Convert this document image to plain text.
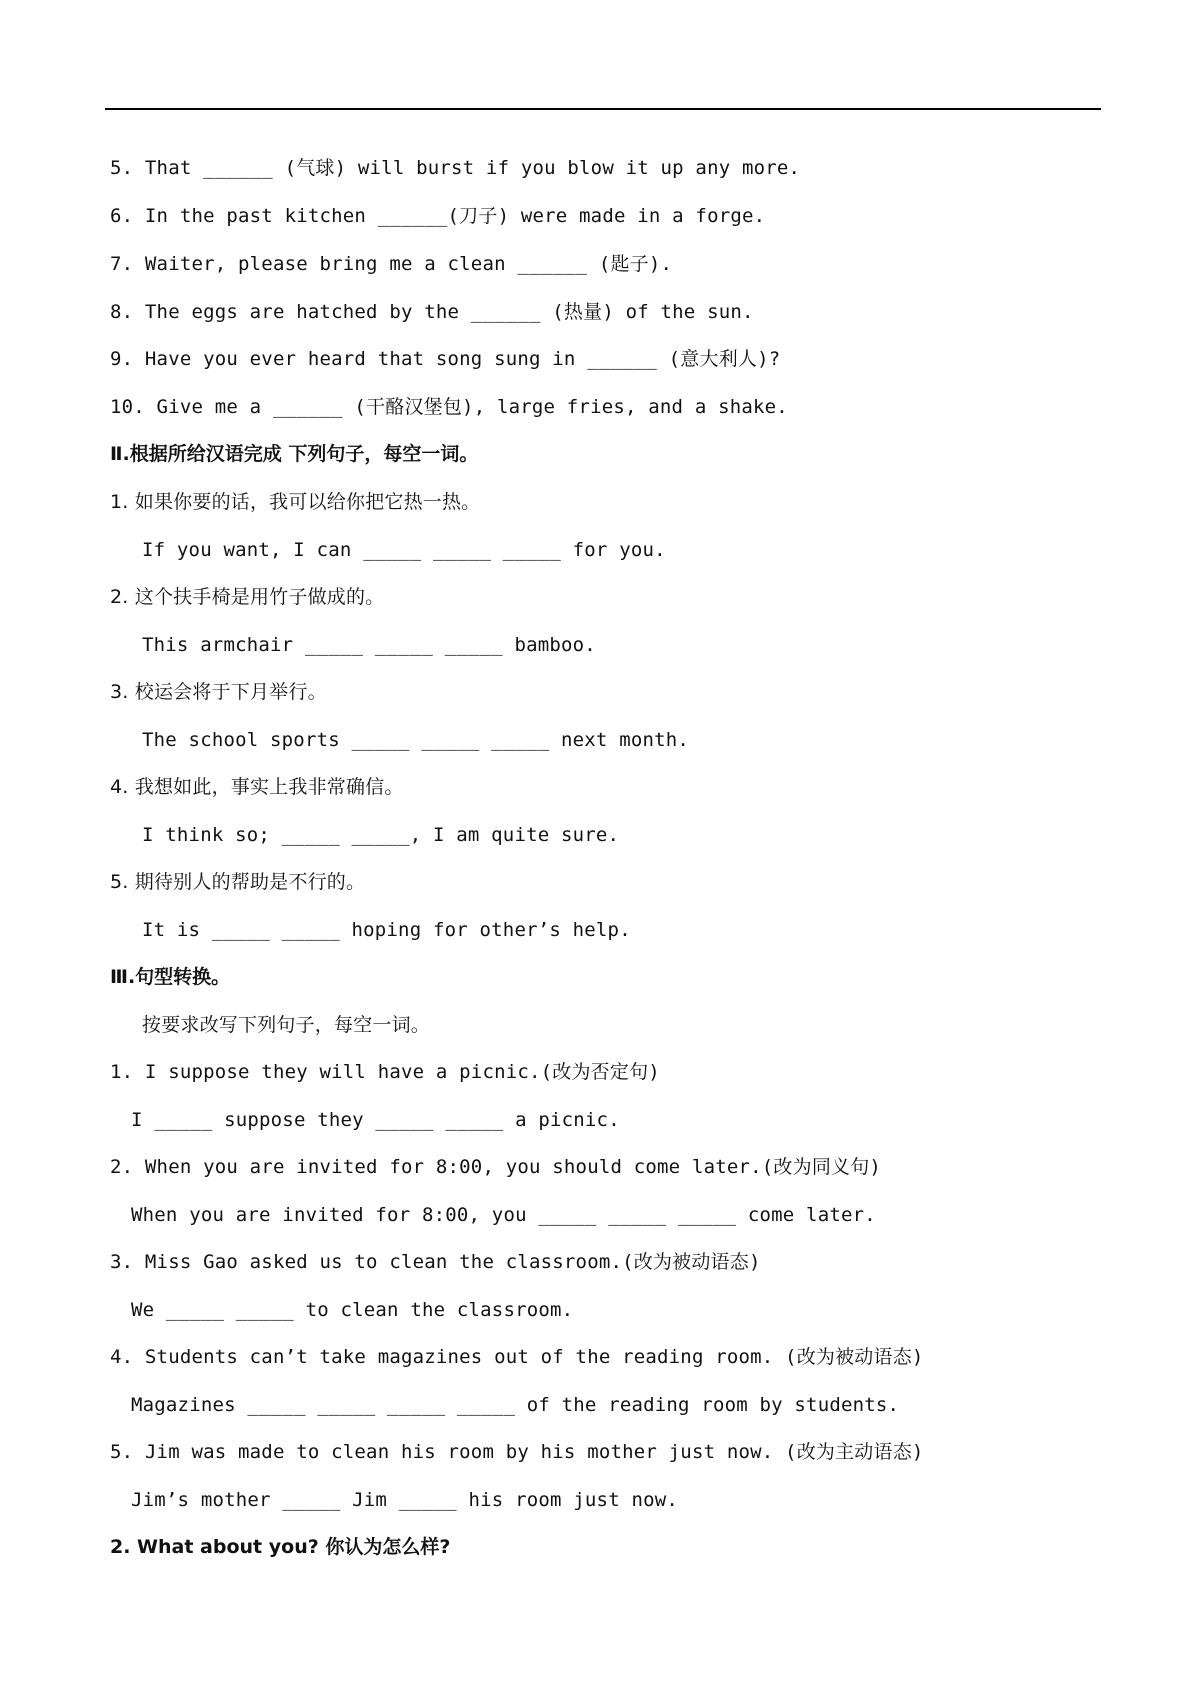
5. That ______ (气球) will burst if you blow it up any more.
6. In the past kitchen ______(刀子) were made in a forge.
7. Waiter, please bring me a clean ______ (匙子).
8. The eggs are hatched by the ______ (热量) of the sun.
9. Have you ever heard that song sung in ______ (意大利人)?
10. Give me a ______ (干酪汉堡包), large fries, and a shake.
Ⅱ.根据所给汉语完成 下列句子，每空一词。
1. 如果你要的话，我可以给你把它热一热。
If you want, I can _____ _____ _____ for you.
2. 这个扶手椅是用竹子做成的。
This armchair _____ _____ _____ bamboo.
3. 校运会将于下月举行。
The school sports _____ _____ _____ next month.
4. 我想如此，事实上我非常确信。
I think so; _____ _____, I am quite sure.
5. 期待别人的帮助是不行的。
It is _____ _____ hoping for other’s help.
Ⅲ.句型转换。
按要求改写下列句子，每空一词。
1. I suppose they will have a picnic.(改为否定句)
I _____ suppose they _____ _____ a picnic.
2. When you are invited for 8:00, you should come later.(改为同义句)
When you are invited for 8:00, you _____ _____ _____ come later.
3. Miss Gao asked us to clean the classroom.(改为被动语态)
We _____ _____ to clean the classroom.
4. Students can’t take magazines out of the reading room. (改为被动语态)
Magazines _____ _____ _____ _____ of the reading room by students.
5. Jim was made to clean his room by his mother just now. (改为主动语态)
Jim’s mother _____ Jim _____ his room just now.
2. What about you? 你认为怎么样?
